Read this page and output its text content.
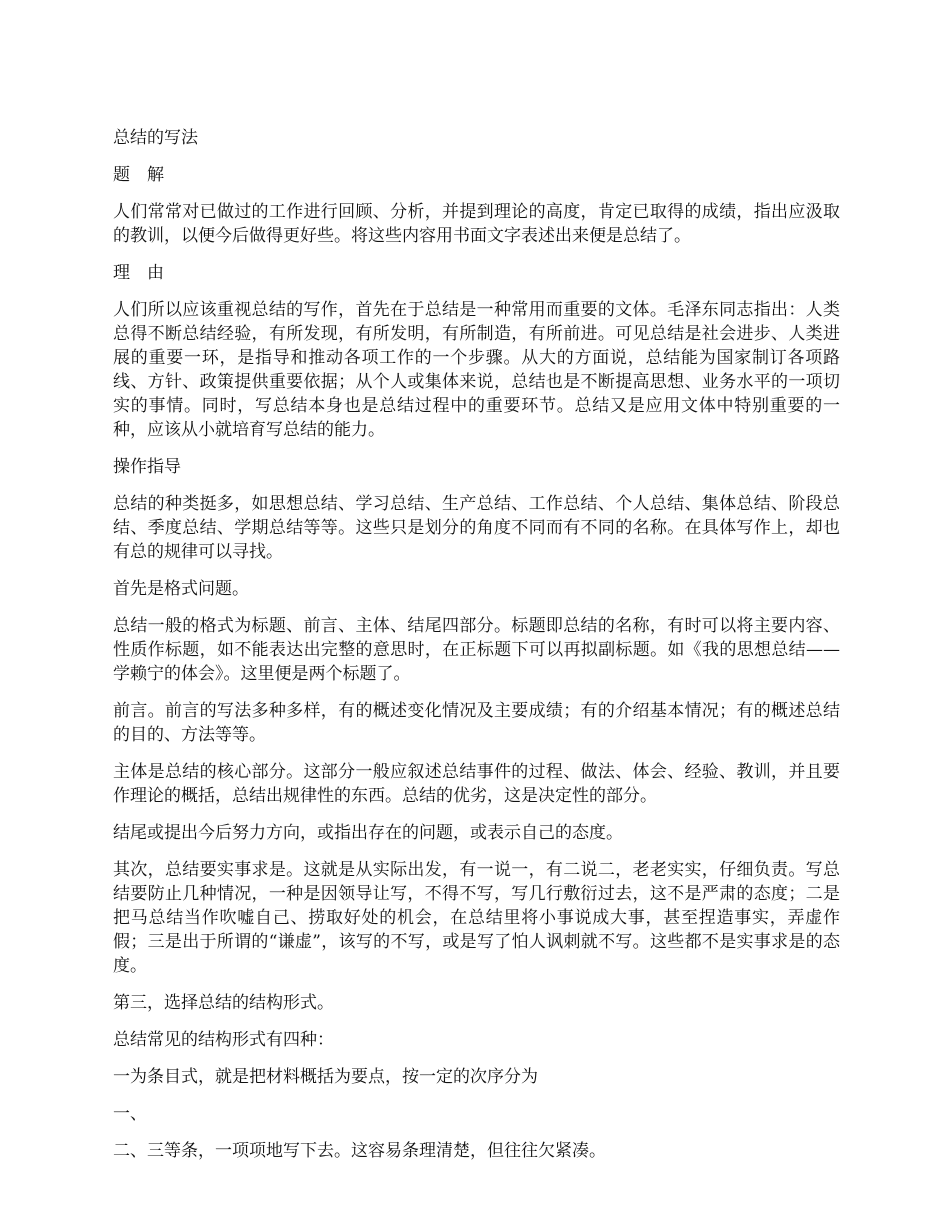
总结的写法

题　解

人们常常对已做过的工作进行回顾、分析，并提到理论的高度，肯定已取得的成绩，指出应汲取的教训，以便今后做得更好些。将这些内容用书面文字表述出来便是总结了。

理　由

人们所以应该重视总结的写作，首先在于总结是一种常用而重要的文体。毛泽东同志指出：人类总得不断总结经验，有所发现，有所发明，有所制造，有所前进。可见总结是社会进步、人类进展的重要一环，是指导和推动各项工作的一个步骤。从大的方面说，总结能为国家制订各项路线、方针、政策提供重要依据；从个人或集体来说，总结也是不断提高思想、业务水平的一项切实的事情。同时，写总结本身也是总结过程中的重要环节。总结又是应用文体中特别重要的一种，应该从小就培育写总结的能力。

操作指导

总结的种类挺多，如思想总结、学习总结、生产总结、工作总结、个人总结、集体总结、阶段总结、季度总结、学期总结等等。这些只是划分的角度不同而有不同的名称。在具体写作上，却也有总的规律可以寻找。

首先是格式问题。

总结一般的格式为标题、前言、主体、结尾四部分。标题即总结的名称，有时可以将主要内容、性质作标题，如不能表达出完整的意思时，在正标题下可以再拟副标题。如《我的思想总结——学赖宁的体会》。这里便是两个标题了。

前言。前言的写法多种多样，有的概述变化情况及主要成绩；有的介绍基本情况；有的概述总结的目的、方法等等。

主体是总结的核心部分。这部分一般应叙述总结事件的过程、做法、体会、经验、教训，并且要作理论的概括，总结出规律性的东西。总结的优劣，这是决定性的部分。

结尾或提出今后努力方向，或指出存在的问题，或表示自己的态度。

其次，总结要实事求是。这就是从实际出发，有一说一，有二说二，老老实实，仔细负责。写总结要防止几种情况，一种是因领导让写，不得不写，写几行敷衍过去，这不是严肃的态度；二是把马总结当作吹嘘自己、捞取好处的机会，在总结里将小事说成大事，甚至捏造事实，弄虚作假；三是出于所谓的“谦虚”，该写的不写，或是写了怕人讽刺就不写。这些都不是实事求是的态度。

第三，选择总结的结构形式。

总结常见的结构形式有四种：

一为条目式，就是把材料概括为要点，按一定的次序分为

一、

二、三等条，一项项地写下去。这容易条理清楚，但往往欠紧凑。
